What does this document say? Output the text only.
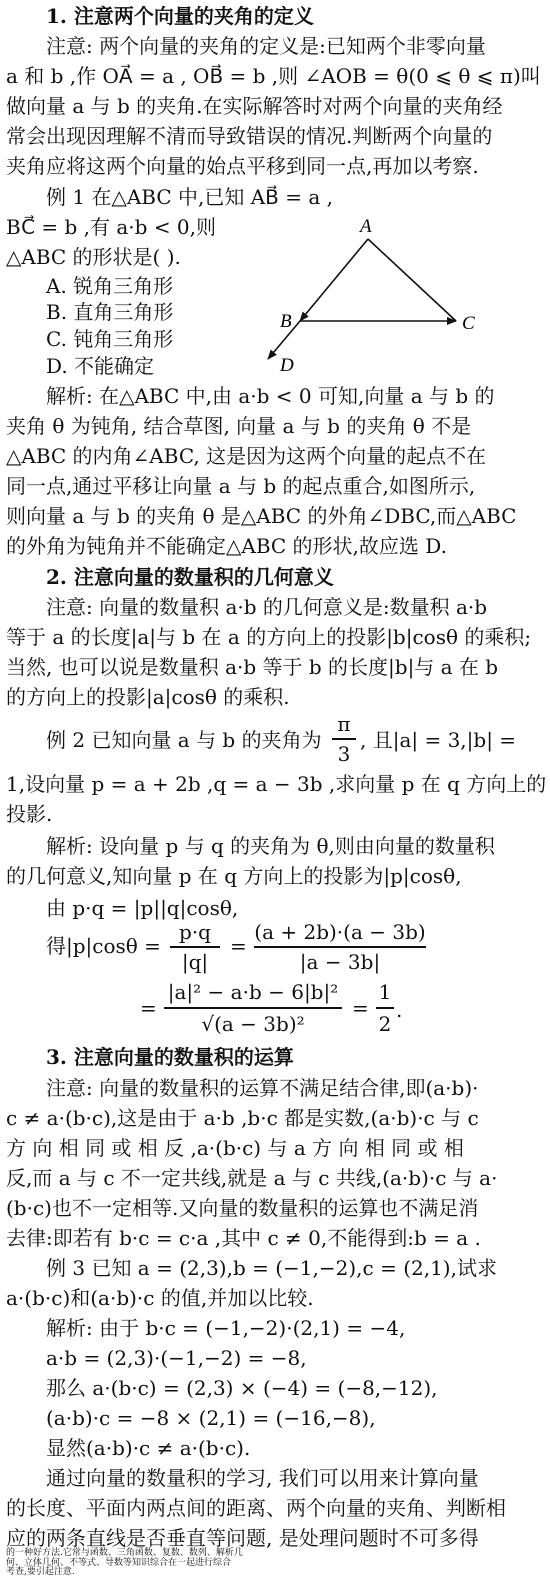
1. 注意两个向量的夹角的定义
注意: 两个向量的夹角的定义是:已知两个非零向量
a 和 b ,作 OA⃗ = a , OB⃗ = b ,则 ∠AOB = θ(0 ⩽ θ ⩽ π)叫
做向量 a 与 b 的夹角.在实际解答时对两个向量的夹角经
常会出现因理解不清而导致错误的情况.判断两个向量的
夹角应将这两个向量的始点平移到同一点,再加以考察.
例 1 在△ABC 中,已知 AB⃗ = a ,
BC⃗ = b ,有 a·b < 0,则
△ABC 的形状是( ).
A. 锐角三角形
B. 直角三角形
C. 钝角三角形
D. 不能确定
A
B	C
D
解析: 在△ABC 中,由 a·b < 0 可知,向量 a 与 b 的
夹角 θ 为钝角, 结合草图, 向量 a 与 b 的夹角 θ 不是
△ABC 的内角∠ABC, 这是因为这两个向量的起点不在
同一点,通过平移让向量 a 与 b 的起点重合,如图所示,
则向量 a 与 b 的夹角 θ 是△ABC 的外角∠DBC,而△ABC
的外角为钝角并不能确定△ABC 的形状,故应选 D.
2. 注意向量的数量积的几何意义
注意: 向量的数量积 a·b 的几何意义是:数量积 a·b
等于 a 的长度|a|与 b 在 a 的方向上的投影|b|cosθ 的乘积;
当然, 也可以说是数量积 a·b 等于 b 的长度|b|与 a 在 b
的方向上的投影|a|cosθ 的乘积.
例 2 已知向量 a 与 b 的夹角为
π
3
, 且|a| = 3,|b| =
1,设向量 p = a + 2b ,q = a − 3b ,求向量 p 在 q 方向上的
投影.
解析: 设向量 p 与 q 的夹角为 θ,则由向量的数量积
的几何意义,知向量 p 在 q 方向上的投影为|p|cosθ,
由 p·q = |p||q|cosθ,
得|p|cosθ =
p·q
|q|
=
(a + 2b)·(a − 3b)
|a − 3b|
=
|a|² − a·b − 6|b|²
√(a − 3b)²
=
1
2
.
3. 注意向量的数量积的运算
注意: 向量的数量积的运算不满足结合律,即(a·b)·
c ≠ a·(b·c),这是由于 a·b ,b·c 都是实数,(a·b)·c 与 c
方 向 相 同 或 相 反 ,a·(b·c) 与 a 方 向 相 同 或 相
反,而 a 与 c 不一定共线,就是 a 与 c 共线,(a·b)·c 与 a·
(b·c)也不一定相等.又向量的数量积的运算也不满足消
去律:即若有 b·c = c·a ,其中 c ≠ 0,不能得到:b = a .
例 3 已知 a = (2,3),b = (−1,−2),c = (2,1),试求
a·(b·c)和(a·b)·c 的值,并加以比较.
解析: 由于 b·c = (−1,−2)·(2,1) = −4,
a·b = (2,3)·(−1,−2) = −8,
那么 a·(b·c) = (2,3) × (−4) = (−8,−12),
(a·b)·c = −8 × (2,1) = (−16,−8),
显然(a·b)·c ≠ a·(b·c).
通过向量的数量积的学习, 我们可以用来计算向量
的长度、平面内两点间的距离、两个向量的夹角、判断相
应的两条直线是否垂直等问题, 是处理问题时不可多得
的一种好方法.它常与函数、三角函数、复数、数列、解析几
何、立体几何、不等式、导数等知识综合在一起进行综合
考查,要引起注意.
